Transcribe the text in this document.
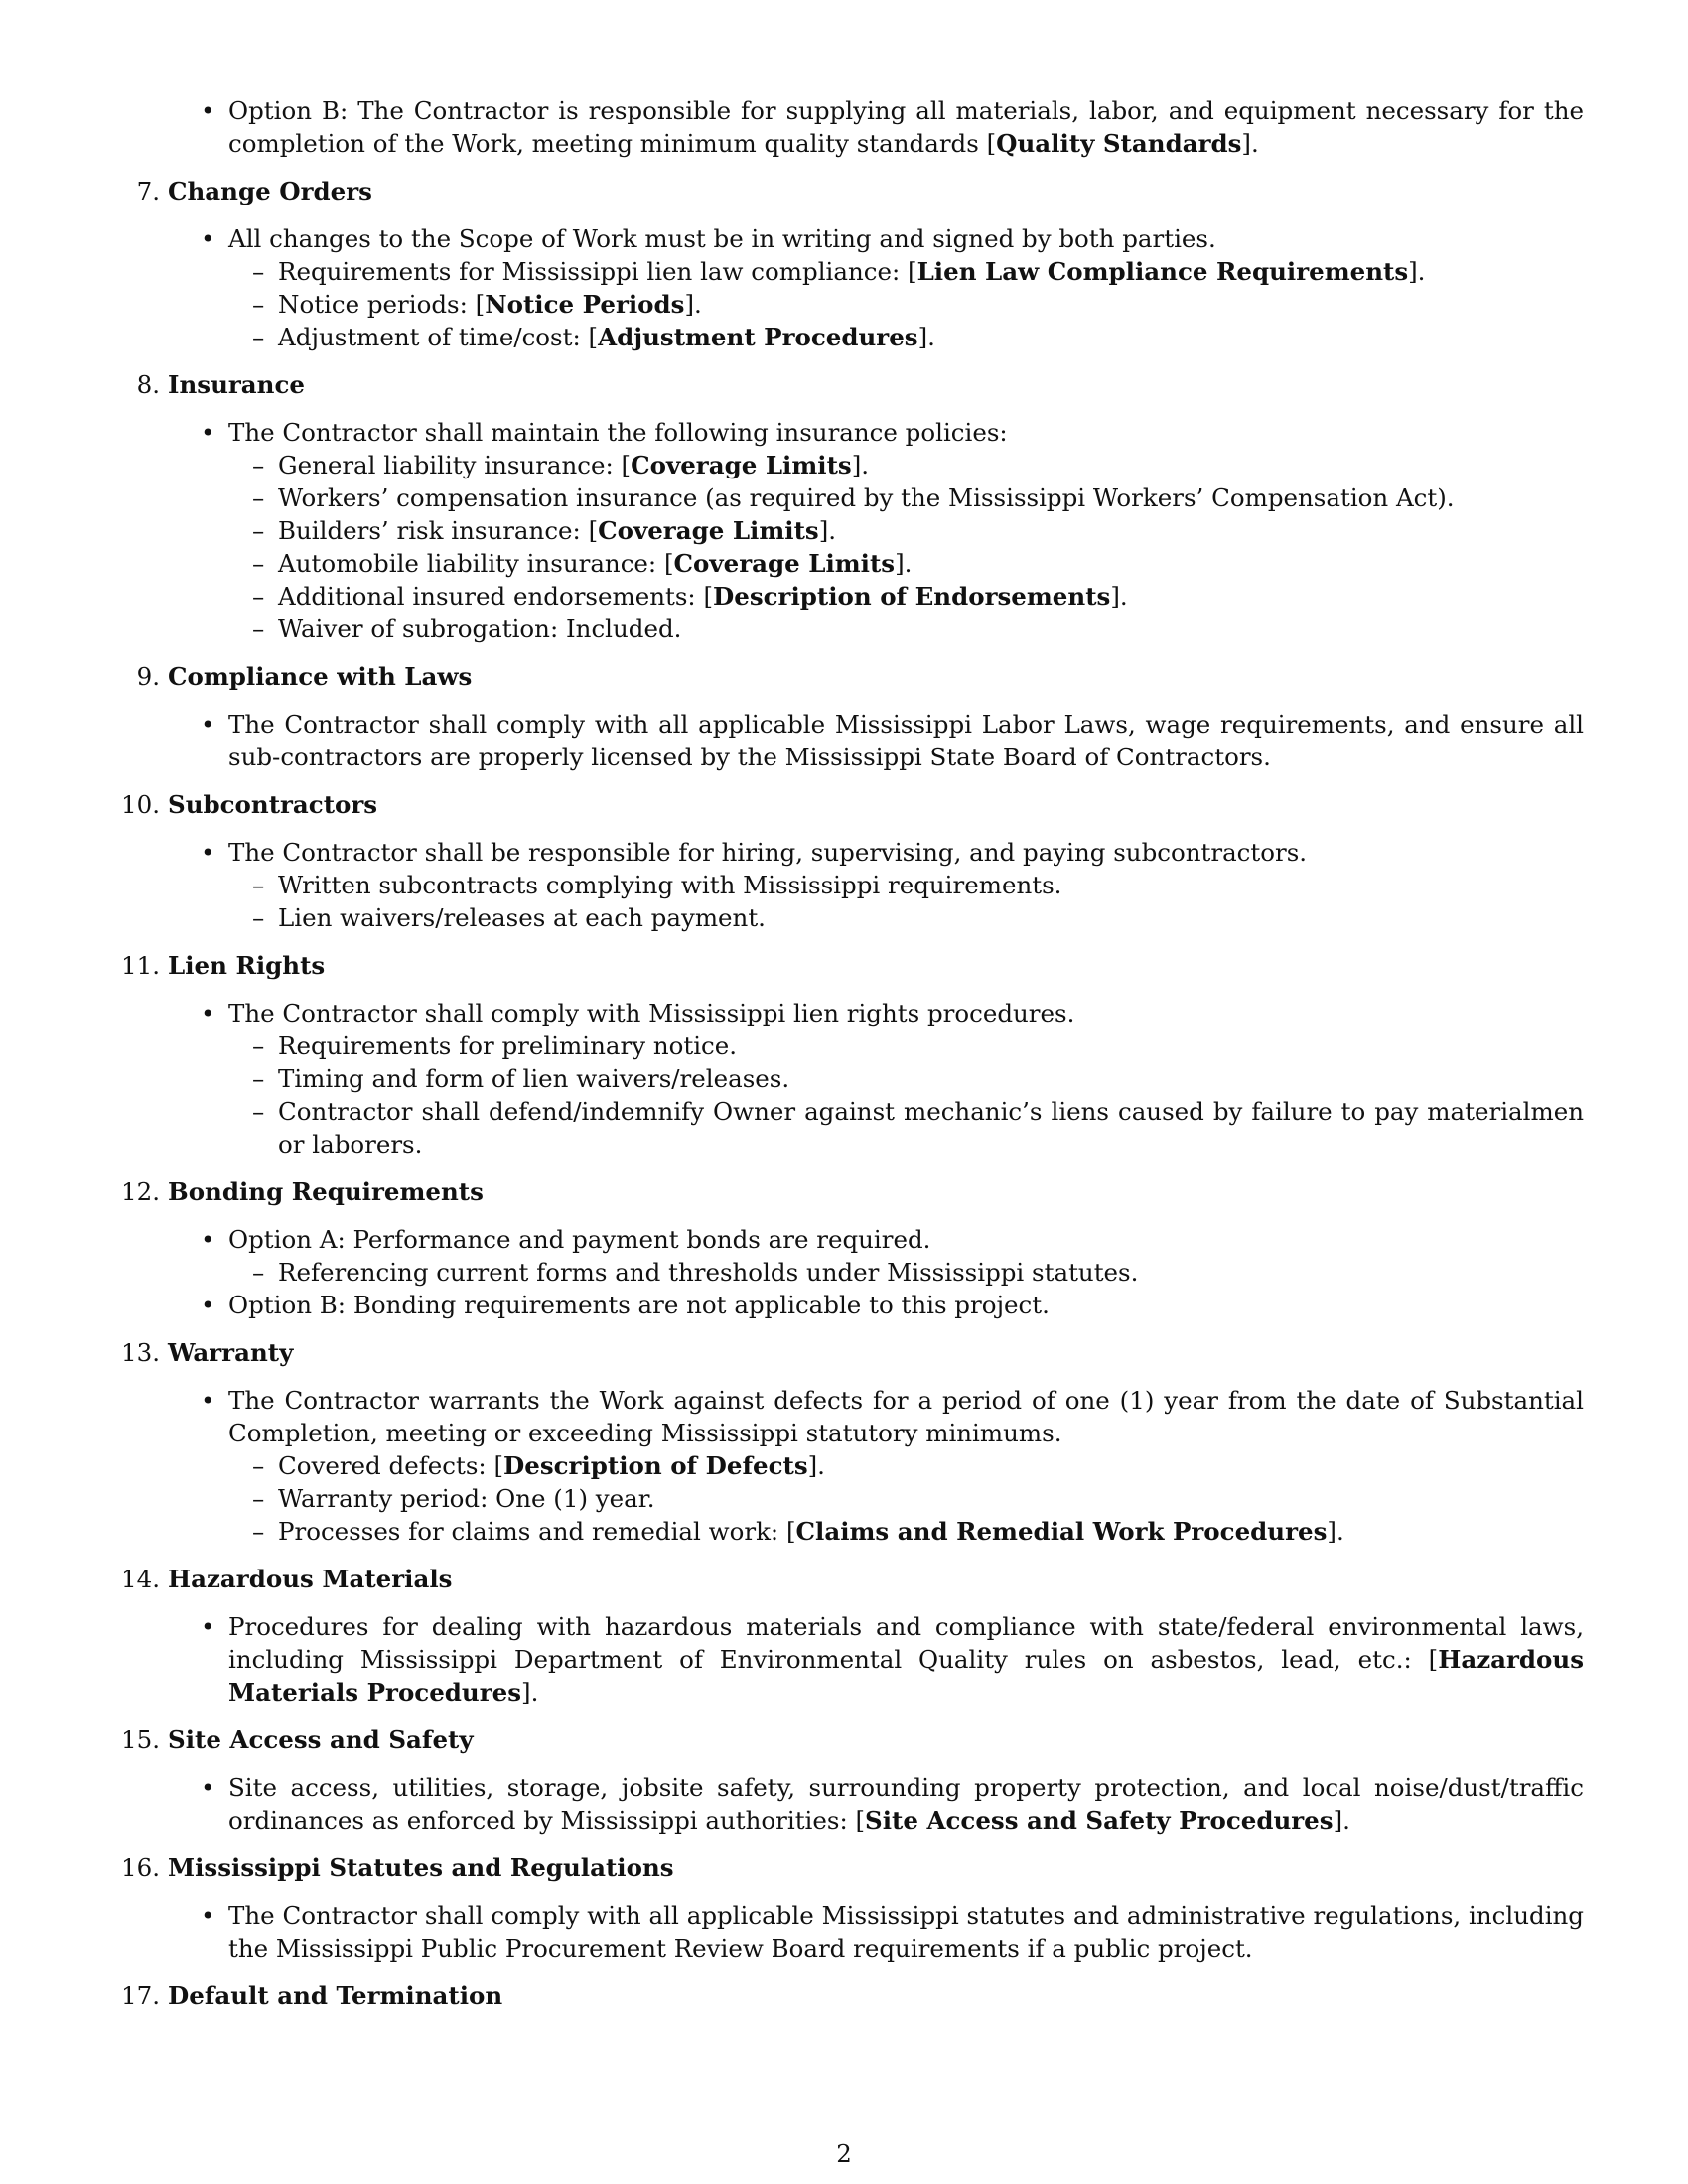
• Option B: The Contractor is responsible for supplying all materials, labor, and equipment necessary for the completion of the Work, meeting minimum quality standards [Quality Standards].
7. Change Orders
• All changes to the Scope of Work must be in writing and signed by both parties.
– Requirements for Mississippi lien law compliance: [Lien Law Compliance Requirements].
– Notice periods: [Notice Periods].
– Adjustment of time/cost: [Adjustment Procedures].
8. Insurance
• The Contractor shall maintain the following insurance policies:
– General liability insurance: [Coverage Limits].
– Workers’ compensation insurance (as required by the Mississippi Workers’ Compensation Act).
– Builders’ risk insurance: [Coverage Limits].
– Automobile liability insurance: [Coverage Limits].
– Additional insured endorsements: [Description of Endorsements].
– Waiver of subrogation: Included.
9. Compliance with Laws
• The Contractor shall comply with all applicable Mississippi Labor Laws, wage requirements, and ensure all sub-contractors are properly licensed by the Mississippi State Board of Contractors.
10. Subcontractors
• The Contractor shall be responsible for hiring, supervising, and paying subcontractors.
– Written subcontracts complying with Mississippi requirements.
– Lien waivers/releases at each payment.
11. Lien Rights
• The Contractor shall comply with Mississippi lien rights procedures.
– Requirements for preliminary notice.
– Timing and form of lien waivers/releases.
– Contractor shall defend/indemnify Owner against mechanic’s liens caused by failure to pay materialmen or laborers.
12. Bonding Requirements
• Option A: Performance and payment bonds are required.
– Referencing current forms and thresholds under Mississippi statutes.
• Option B: Bonding requirements are not applicable to this project.
13. Warranty
• The Contractor warrants the Work against defects for a period of one (1) year from the date of Substantial Completion, meeting or exceeding Mississippi statutory minimums.
– Covered defects: [Description of Defects].
– Warranty period: One (1) year.
– Processes for claims and remedial work: [Claims and Remedial Work Procedures].
14. Hazardous Materials
• Procedures for dealing with hazardous materials and compliance with state/federal environmental laws, including Mississippi Department of Environmental Quality rules on asbestos, lead, etc.: [Hazardous Materials Procedures].
15. Site Access and Safety
• Site access, utilities, storage, jobsite safety, surrounding property protection, and local noise/dust/traffic ordinances as enforced by Mississippi authorities: [Site Access and Safety Procedures].
16. Mississippi Statutes and Regulations
• The Contractor shall comply with all applicable Mississippi statutes and administrative regulations, including the Mississippi Public Procurement Review Board requirements if a public project.
17. Default and Termination
2
